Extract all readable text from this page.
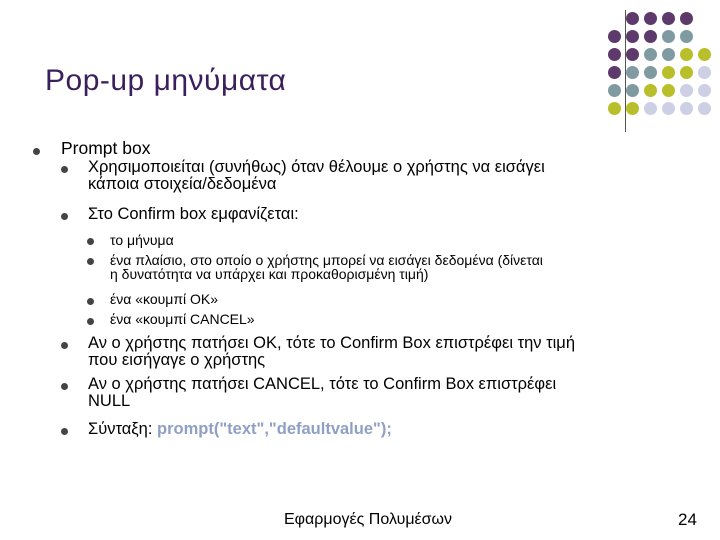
Pop-up μηνύματα
Prompt box
Χρησιμοποιείται (συνήθως) όταν θέλουμε ο χρήστης να εισάγει
κάποια στοιχεία/δεδομένα
Στο Confirm box εμφανίζεται:
το μήνυμα
ένα πλαίσιο, στο οποίο ο χρήστης μπορεί να εισάγει δεδομένα (δίνεται
η δυνατότητα να υπάρχει και προκαθορισμένη τιμή)
ένα «κουμπί OK»
ένα «κουμπί CANCEL»
Αν ο χρήστης πατήσει OK, τότε το Confirm Box επιστρέφει την τιμή
που εισήγαγε ο χρήστης
Αν ο χρήστης πατήσει CANCEL, τότε το Confirm Box επιστρέφει
NULL
Σύνταξη: prompt("text","defaultvalue");
Εφαρμογές Πολυμέσων	24
